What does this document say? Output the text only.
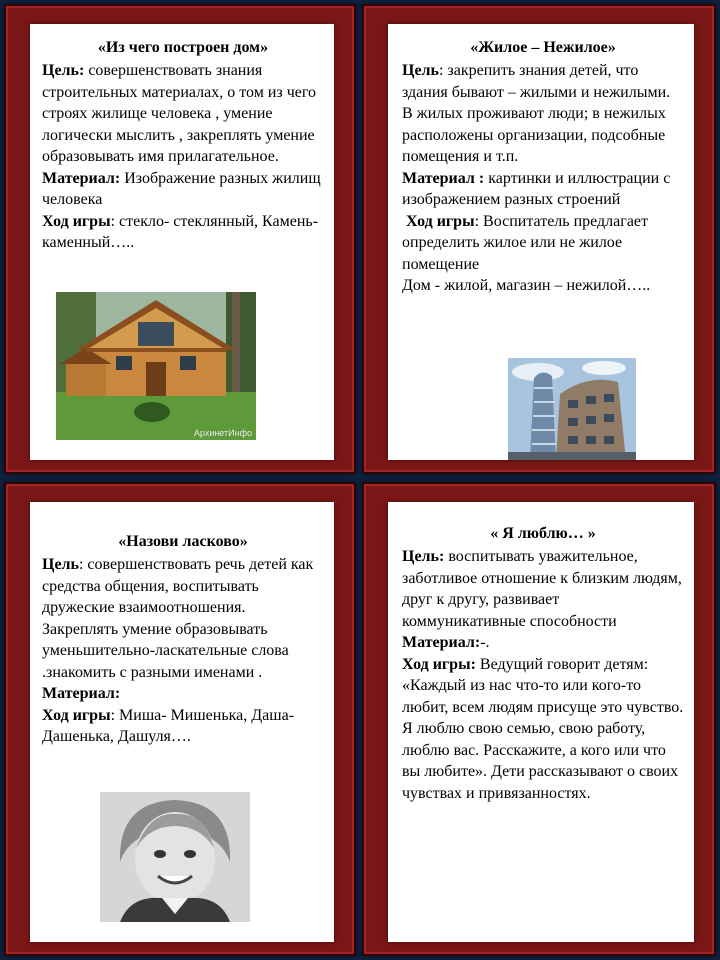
«Из чего построен дом»

Цель: совершенствовать знания строительных материалах, о том из чего строях жилище человека , умение логически мыслить , закреплять умение образовывать имя прилагательное.

Материал: Изображение разных жилищ человека

Ход игры: стекло- стеклянный, Камень-каменный…..

АрхинетИнфо

«Жилое – Нежилое»

Цель: закрепить знания детей, что здания бывают – жилыми и нежилыми. В жилых проживают люди; в нежилых расположены организации, подсобные помещения и т.п.

Материал : картинки и иллюстрации с изображением разных строений

Ход игры: Воспитатель предлагает определить жилое или не жилое помещение

Дом - жилой, магазин – нежилой…..

«Назови ласково»

Цель: совершенствовать речь детей как средства общения, воспитывать дружеские взаимоотношения. Закреплять умение образовывать уменьшительно-ласкательные слова .знакомить с разными именами .

Материал:

Ход игры: Миша- Мишенька, Даша- Дашенька, Дашуля….

« Я люблю… »

Цель: воспитывать уважительное, заботливое отношение к близким людям, друг к другу, развивает коммуникативные способности

Материал:-.

Ход игры: Ведущий говорит детям: «Каждый из нас что-то или кого-то любит, всем людям присуще это чувство. Я люблю свою семью, свою работу, люблю вас. Расскажите, а кого или что вы любите». Дети рассказывают о своих чувствах и привязанностях.
